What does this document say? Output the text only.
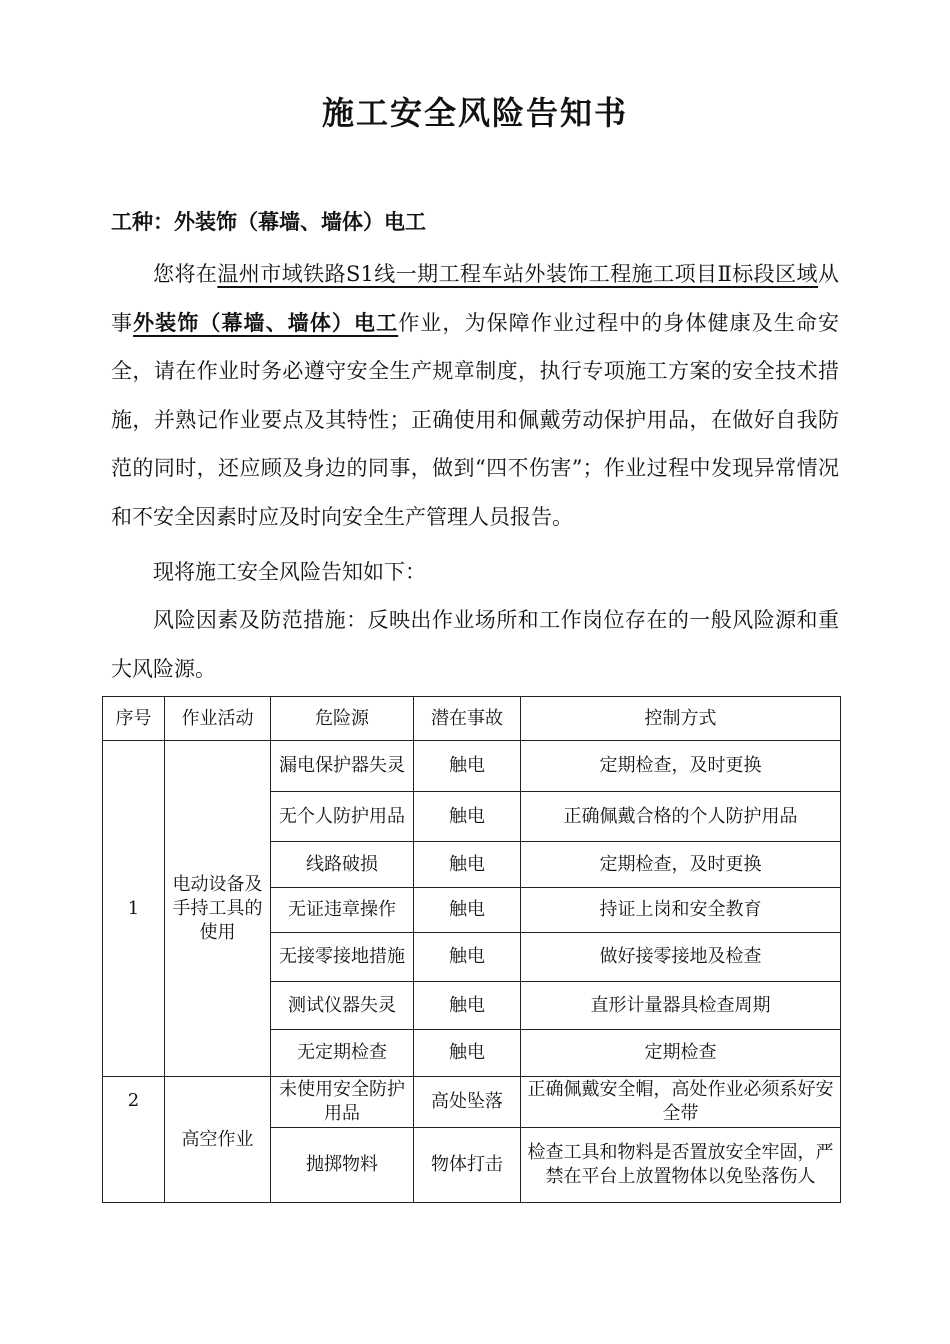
施工安全风险告知书
工种：外装饰（幕墙、墙体）电工

您将在温州市域铁路S1线一期工程车站外装饰工程施工项目Ⅱ标段区域从事外装饰（幕墙、墙体）电工作业，为保障作业过程中的身体健康及生命安全，请在作业时务必遵守安全生产规章制度，执行专项施工方案的安全技术措施，并熟记作业要点及其特性；正确使用和佩戴劳动保护用品，在做好自我防范的同时，还应顾及身边的同事，做到“四不伤害”；作业过程中发现异常情况和不安全因素时应及时向安全生产管理人员报告。

现将施工安全风险告知如下：

风险因素及防范措施：反映出作业场所和工作岗位存在的一般风险源和重大风险源。

序号	作业活动	危险源	潜在事故	控制方式
1	电动设备及手持工具的使用	漏电保护器失灵	触电	定期检查，及时更换
		无个人防护用品	触电	正确佩戴合格的个人防护用品
		线路破损	触电	定期检查，及时更换
		无证违章操作	触电	持证上岗和安全教育
		无接零接地措施	触电	做好接零接地及检查
		测试仪器失灵	触电	直形计量器具检查周期
		无定期检查	触电	定期检查
2	高空作业	未使用安全防护用品	高处坠落	正确佩戴安全帽，高处作业必须系好安全带
		抛掷物料	物体打击	检查工具和物料是否置放安全牢固，严禁在平台上放置物体以免坠落伤人
